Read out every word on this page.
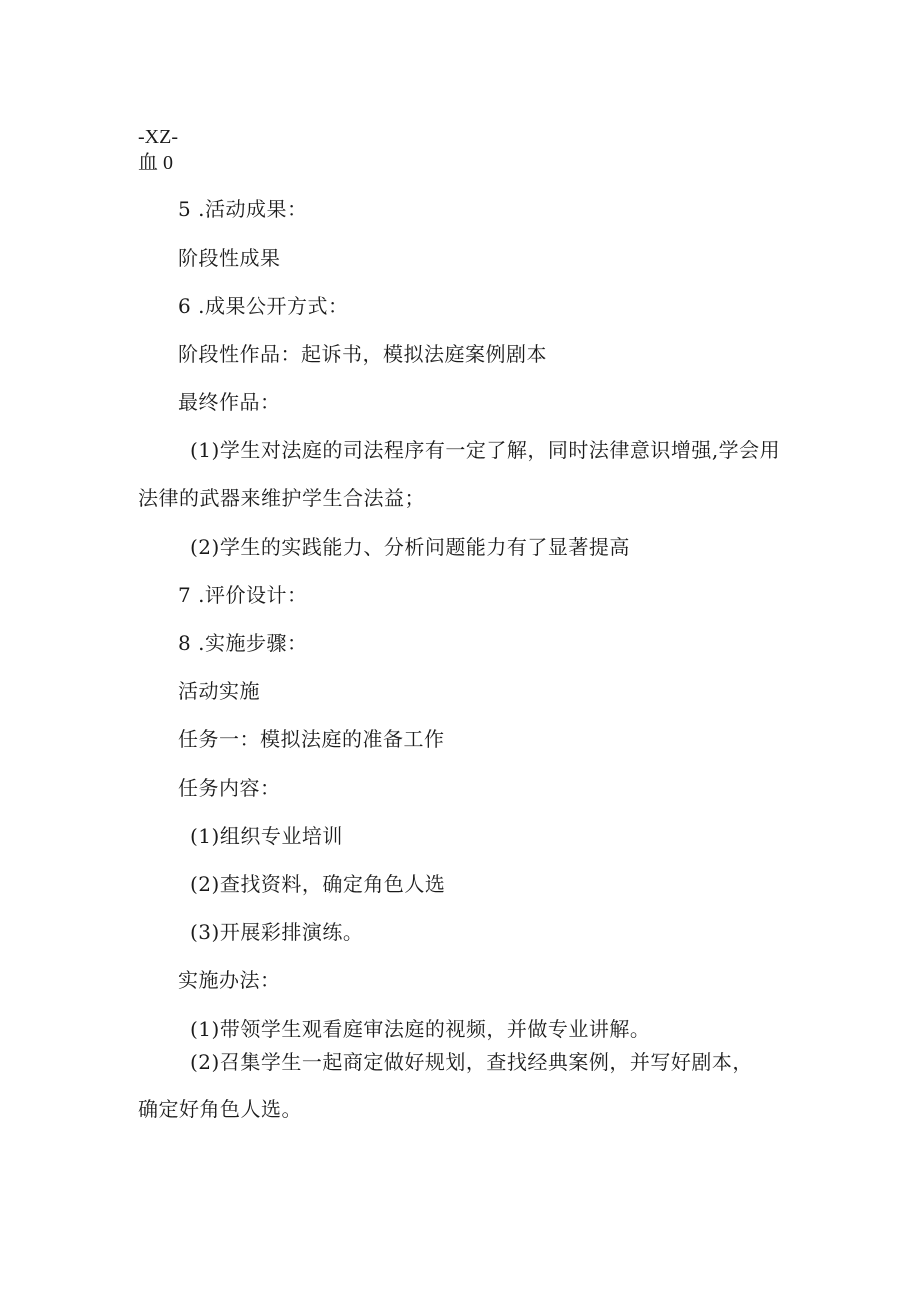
-XZ-

血 0

5 .活动成果：

阶段性成果

6 .成果公开方式：

阶段性作品：起诉书，模拟法庭案例剧本

最终作品：

(1)学生对法庭的司法程序有一定了解，同时法律意识增强,学会用

法律的武器来维护学生合法益；

(2)学生的实践能力、分析问题能力有了显著提高

7 .评价设计：

8 .实施步骤：

活动实施

任务一：模拟法庭的准备工作

任务内容：

(1)组织专业培训

(2)查找资料，确定角色人选

(3)开展彩排演练。

实施办法：

(1)带领学生观看庭审法庭的视频，并做专业讲解。

(2)召集学生一起商定做好规划，查找经典案例，并写好剧本，

确定好角色人选。
